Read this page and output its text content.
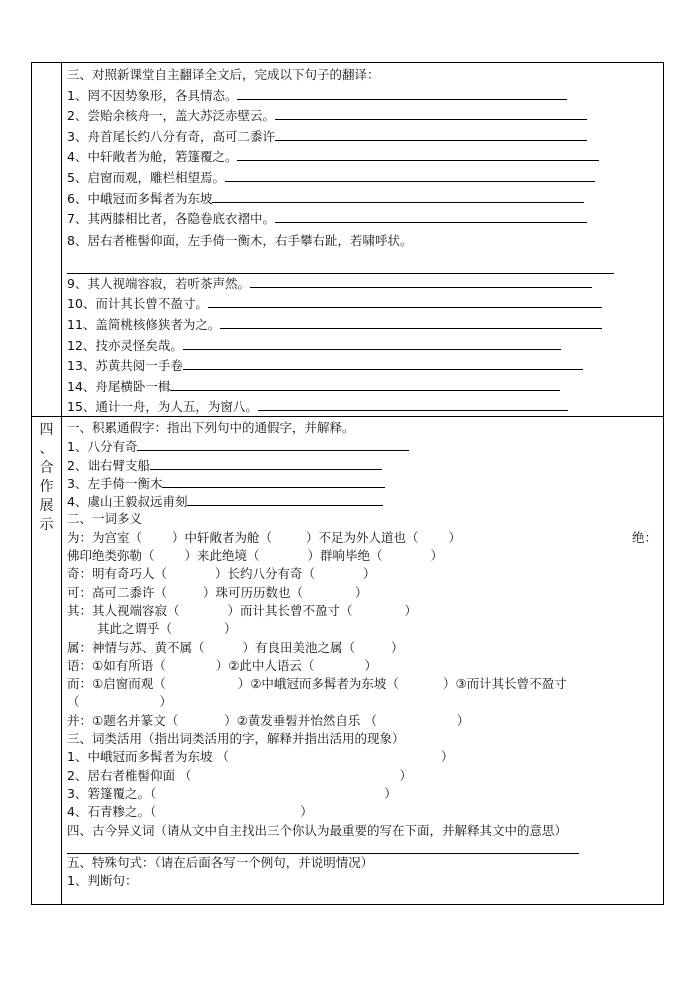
三、对照新课堂自主翻译全文后，完成以下句子的翻译：
1、罔不因势象形，各具情态。
2、尝贻余核舟一，盖大苏泛赤壁云。
3、舟首尾长约八分有奇，高可二黍许
4、中轩敞者为舱，箬篷覆之。
5、启窗而观，雕栏相望焉。
6、中峨冠而多髯者为东坡
7、其两膝相比者，各隐卷底衣褶中。
8、居右者椎髻仰面，左手倚一衡木，右手攀右趾，若啸呼状。
9、其人视端容寂，若听茶声然。
10、而计其长曾不盈寸。
11、盖简桃核修狭者为之。
12、技亦灵怪矣哉。
13、苏黄共阅一手卷
14、舟尾横卧一楫
15、通计一舟，为人五，为窗八。
四
、
合
作
展
示
一、积累通假字：指出下列句中的通假字，并解释。
1、八分有奇
2、诎右臂支船
3、左手倚一衡木
4、虞山王毅叔远甫刻
二、一词多义
为：为宫室（ ）中轩敞者为舱（	）不足为外人道也（ ）	绝：
佛印绝类弥勒（ ）来此绝境（	）群响毕绝（	）
奇：明有奇巧人（	）长约八分有奇（	）
可：高可二黍许（	）珠可历历数也（	）
其：其人视端容寂（	）而计其长曾不盈寸（	）
其此之谓乎（	）
属：神情与苏、黄不属（	）有良田美池之属（	）
语：①如有所语（	）②此中人语云（	）
而：①启窗而观（	）②中峨冠而多髯者为东坡（	）③而计其长曾不盈寸
（	）
并：①题名并篆文（	）②黄发垂髫并怡然自乐 （	）
三、词类活用（指出词类活用的字，解释并指出活用的现象）
1、中峨冠而多髯者为东坡 （	）
2、居右者椎髻仰面 （	）
3、箬篷覆之。（	）
4、石青糁之。（	）
四、古今异义词（请从文中自主找出三个你认为最重要的写在下面，并解释其文中的意思）
五、特殊句式：（请在后面各写一个例句，并说明情况）
1、判断句：
